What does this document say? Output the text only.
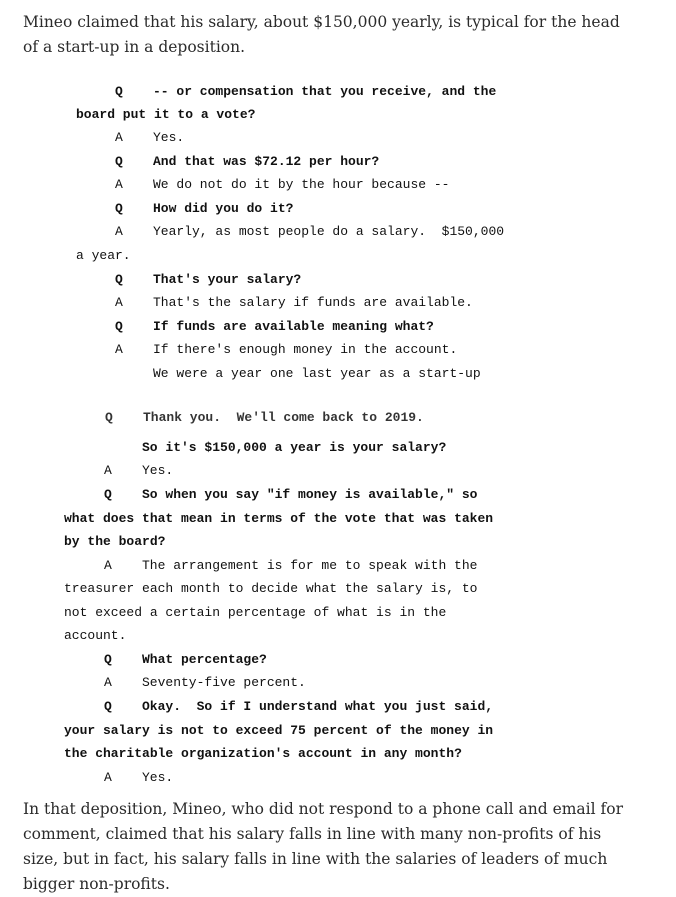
Mineo claimed that his salary, about $150,000 yearly, is typical for the head of a start-up in a deposition.
Q -- or compensation that you receive, and the
board put it to a vote?
A Yes.
Q And that was $72.12 per hour?
A We do not do it by the hour because --
Q How did you do it?
A Yearly, as most people do a salary.  $150,000
a year.
Q That's your salary?
A That's the salary if funds are available.
Q If funds are available meaning what?
A If there's enough money in the account.
We were a year one last year as a start-up
Q Thank you.  We'll come back to 2019.
So it's $150,000 a year is your salary?
A Yes.
Q So when you say "if money is available," so
what does that mean in terms of the vote that was taken
by the board?
A The arrangement is for me to speak with the
treasurer each month to decide what the salary is, to
not exceed a certain percentage of what is in the
account.
Q What percentage?
A Seventy-five percent.
Q Okay.  So if I understand what you just said,
your salary is not to exceed 75 percent of the money in
the charitable organization's account in any month?
A Yes.
In that deposition, Mineo, who did not respond to a phone call and email for comment, claimed that his salary falls in line with many non-profits of his size, but in fact, his salary falls in line with the salaries of leaders of much bigger non-profits.
